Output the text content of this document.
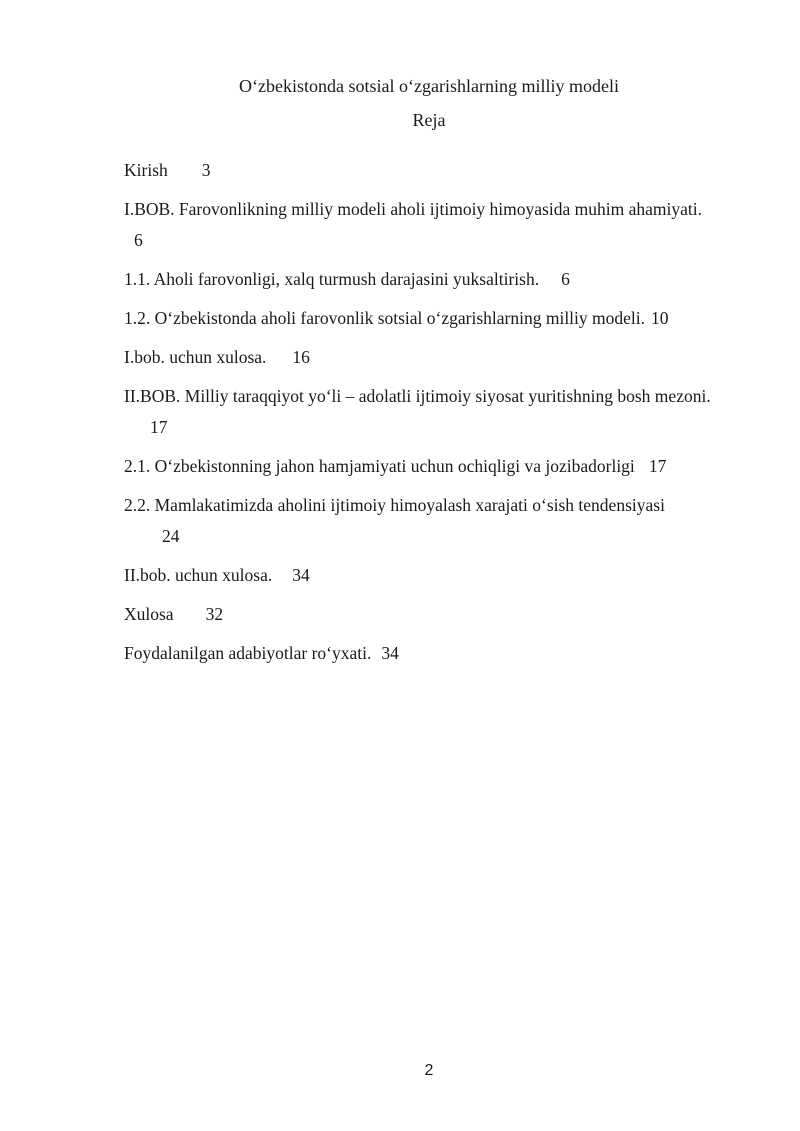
O‘zbekistonda sotsial o‘zgarishlarning milliy modeli
Reja

Kirish 3

I.BOB. Farovonlikning milliy modeli aholi ijtimoiy himoyasida muhim ahamiyati.6

1.1. Aholi farovonligi, xalq turmush darajasini yuksaltirish. 6

1.2. O‘zbekistonda aholi farovonlik sotsial o‘zgarishlarning milliy modeli. 10

I.bob. uchun xulosa. 16

II.BOB. Milliy taraqqiyot yo‘li – adolatli ijtimoiy siyosat yuritishning bosh mezoni.17

2.1. O‘zbekistonning jahon hamjamiyati uchun ochiqligi va jozibadorligi 17

2.2. Mamlakatimizda aholini ijtimoiy himoyalash xarajati o‘sish tendensiyasi
24

II.bob. uchun xulosa. 34

Xulosa 32

Foydalanilgan adabiyotlar ro‘yxati. 34

2
